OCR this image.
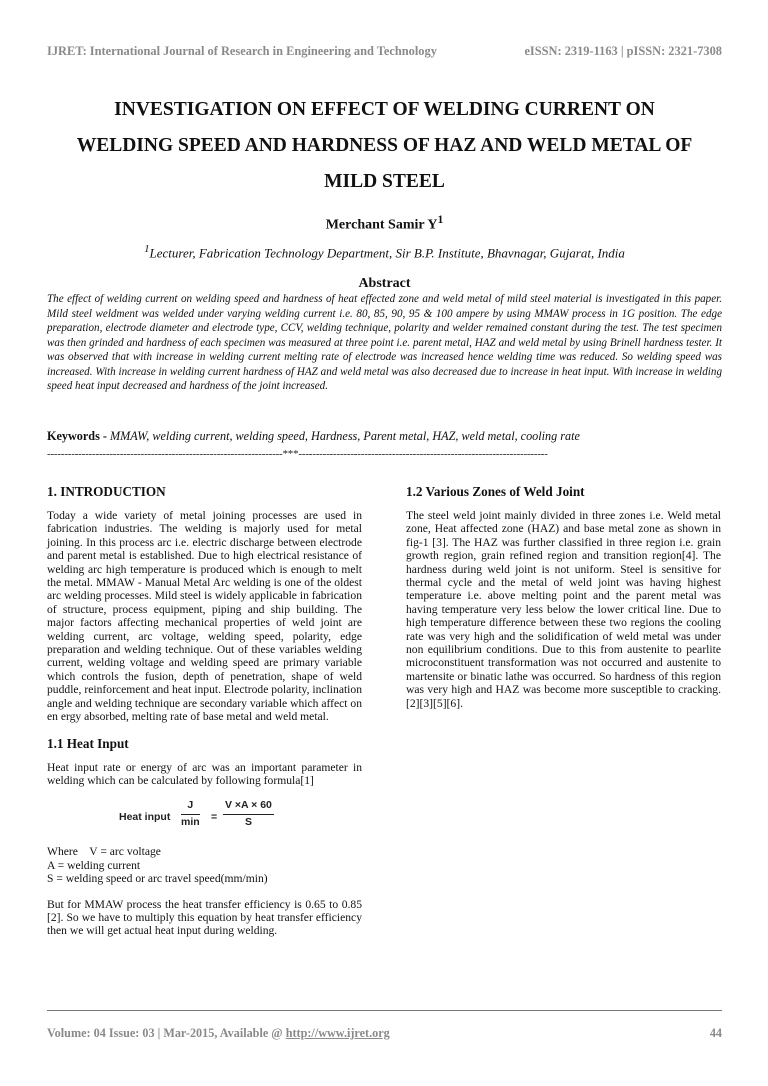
IJRET: International Journal of Research in Engineering and Technology	eISSN: 2319-1163 | pISSN: 2321-7308
INVESTIGATION ON EFFECT OF WELDING CURRENT ON
WELDING SPEED AND HARDNESS OF HAZ AND WELD METAL OF
MILD STEEL
Merchant Samir $Y^1$
$^1$Lecturer, Fabrication Technology Department, Sir B.P. Institute, Bhavnagar, Gujarat, India
Abstract

The effect of welding current on welding speed and hardness of heat effected zone and weld metal of mild steel material is investigated in this paper. Mild steel weldment was welded under varying welding current i.e. 80, 85, 90, 95 & 100 ampere by using MMAW process in 1G position. The edge preparation, electrode diameter and electrode type, CCV, welding technique, polarity and welder remained constant during the test. The test specimen was then grinded and hardness of each specimen was measured at three point i.e. parent metal, HAZ and weld metal by using Brinell hardness tester. It was observed that with increase in welding current melting rate of electrode was increased hence welding time was reduced. So welding speed was increased. With increase in welding current hardness of HAZ and weld metal was also decreased due to increase in heat input. With increase in welding speed heat input decreased and hardness of the joint increased.

Keywords - MMAW, welding current, welding speed, Hardness, Parent metal, HAZ, weld metal, cooling rate
--------------------------------------------------------------------***------------------------------------------------------------------------
1. INTRODUCTION

Today a wide variety of metal joining processes are used in fabrication industries. The welding is majorly used for metal joining. In this process arc i.e. electric discharge between electrode and parent metal is established. Due to high electrical resistance of welding arc high temperature is produced which is enough to melt the metal. MMAW - Manual Metal Arc welding is one of the oldest arc welding processes. Mild steel is widely applicable in fabrication of structure, process equipment, piping and ship building. The major factors affecting mechanical properties of weld joint are welding current, arc voltage, welding speed, polarity, edge preparation and welding technique. Out of these variables welding current, welding voltage and welding speed are primary variable which controls the fusion, depth of penetration, shape of weld puddle, reinforcement and heat input. Electrode polarity, inclination angle and welding technique are secondary variable which affect on en ergy absorbed, melting rate of base metal and weld metal.

1.1 Heat Input

Heat input rate or energy of arc was an important parameter in welding which can be calculated by following formula[1]

Heat input
J
$\min = \frac{V \times A \times 60}{S}$

Where    V = arc voltage

A = welding current

S = welding speed or arc travel speed(mm/min)

But for MMAW process the heat transfer efficiency is 0.65 to 0.85 [2]. So we have to multiply this equation by heat transfer efficiency then we will get actual heat input during welding.

1.2 Various Zones of Weld Joint

The steel weld joint mainly divided in three zones i.e. Weld metal zone, Heat affected zone (HAZ) and base metal zone as shown in fig-1 [3]. The HAZ was further classified in three region i.e. grain growth region, grain refined region and transition region[4]. The hardness during weld joint is not uniform. Steel is sensitive for thermal cycle and the metal of weld joint was having highest temperature i.e. above melting point and the parent metal was having temperature very less below the lower critical line. Due to high temperature difference between these two regions the cooling rate was very high and the solidification of weld metal was under non equilibrium conditions. Due to this from austenite to pearlite microconstituent transformation was not occurred and austenite to martensite or binatic lathe was occurred. So hardness of this region was very high and HAZ was become more susceptible to cracking. [2][3][5][6].

Volume: 04 Issue: 03 | Mar-2015, Available @ http://www.ijret.org	44
